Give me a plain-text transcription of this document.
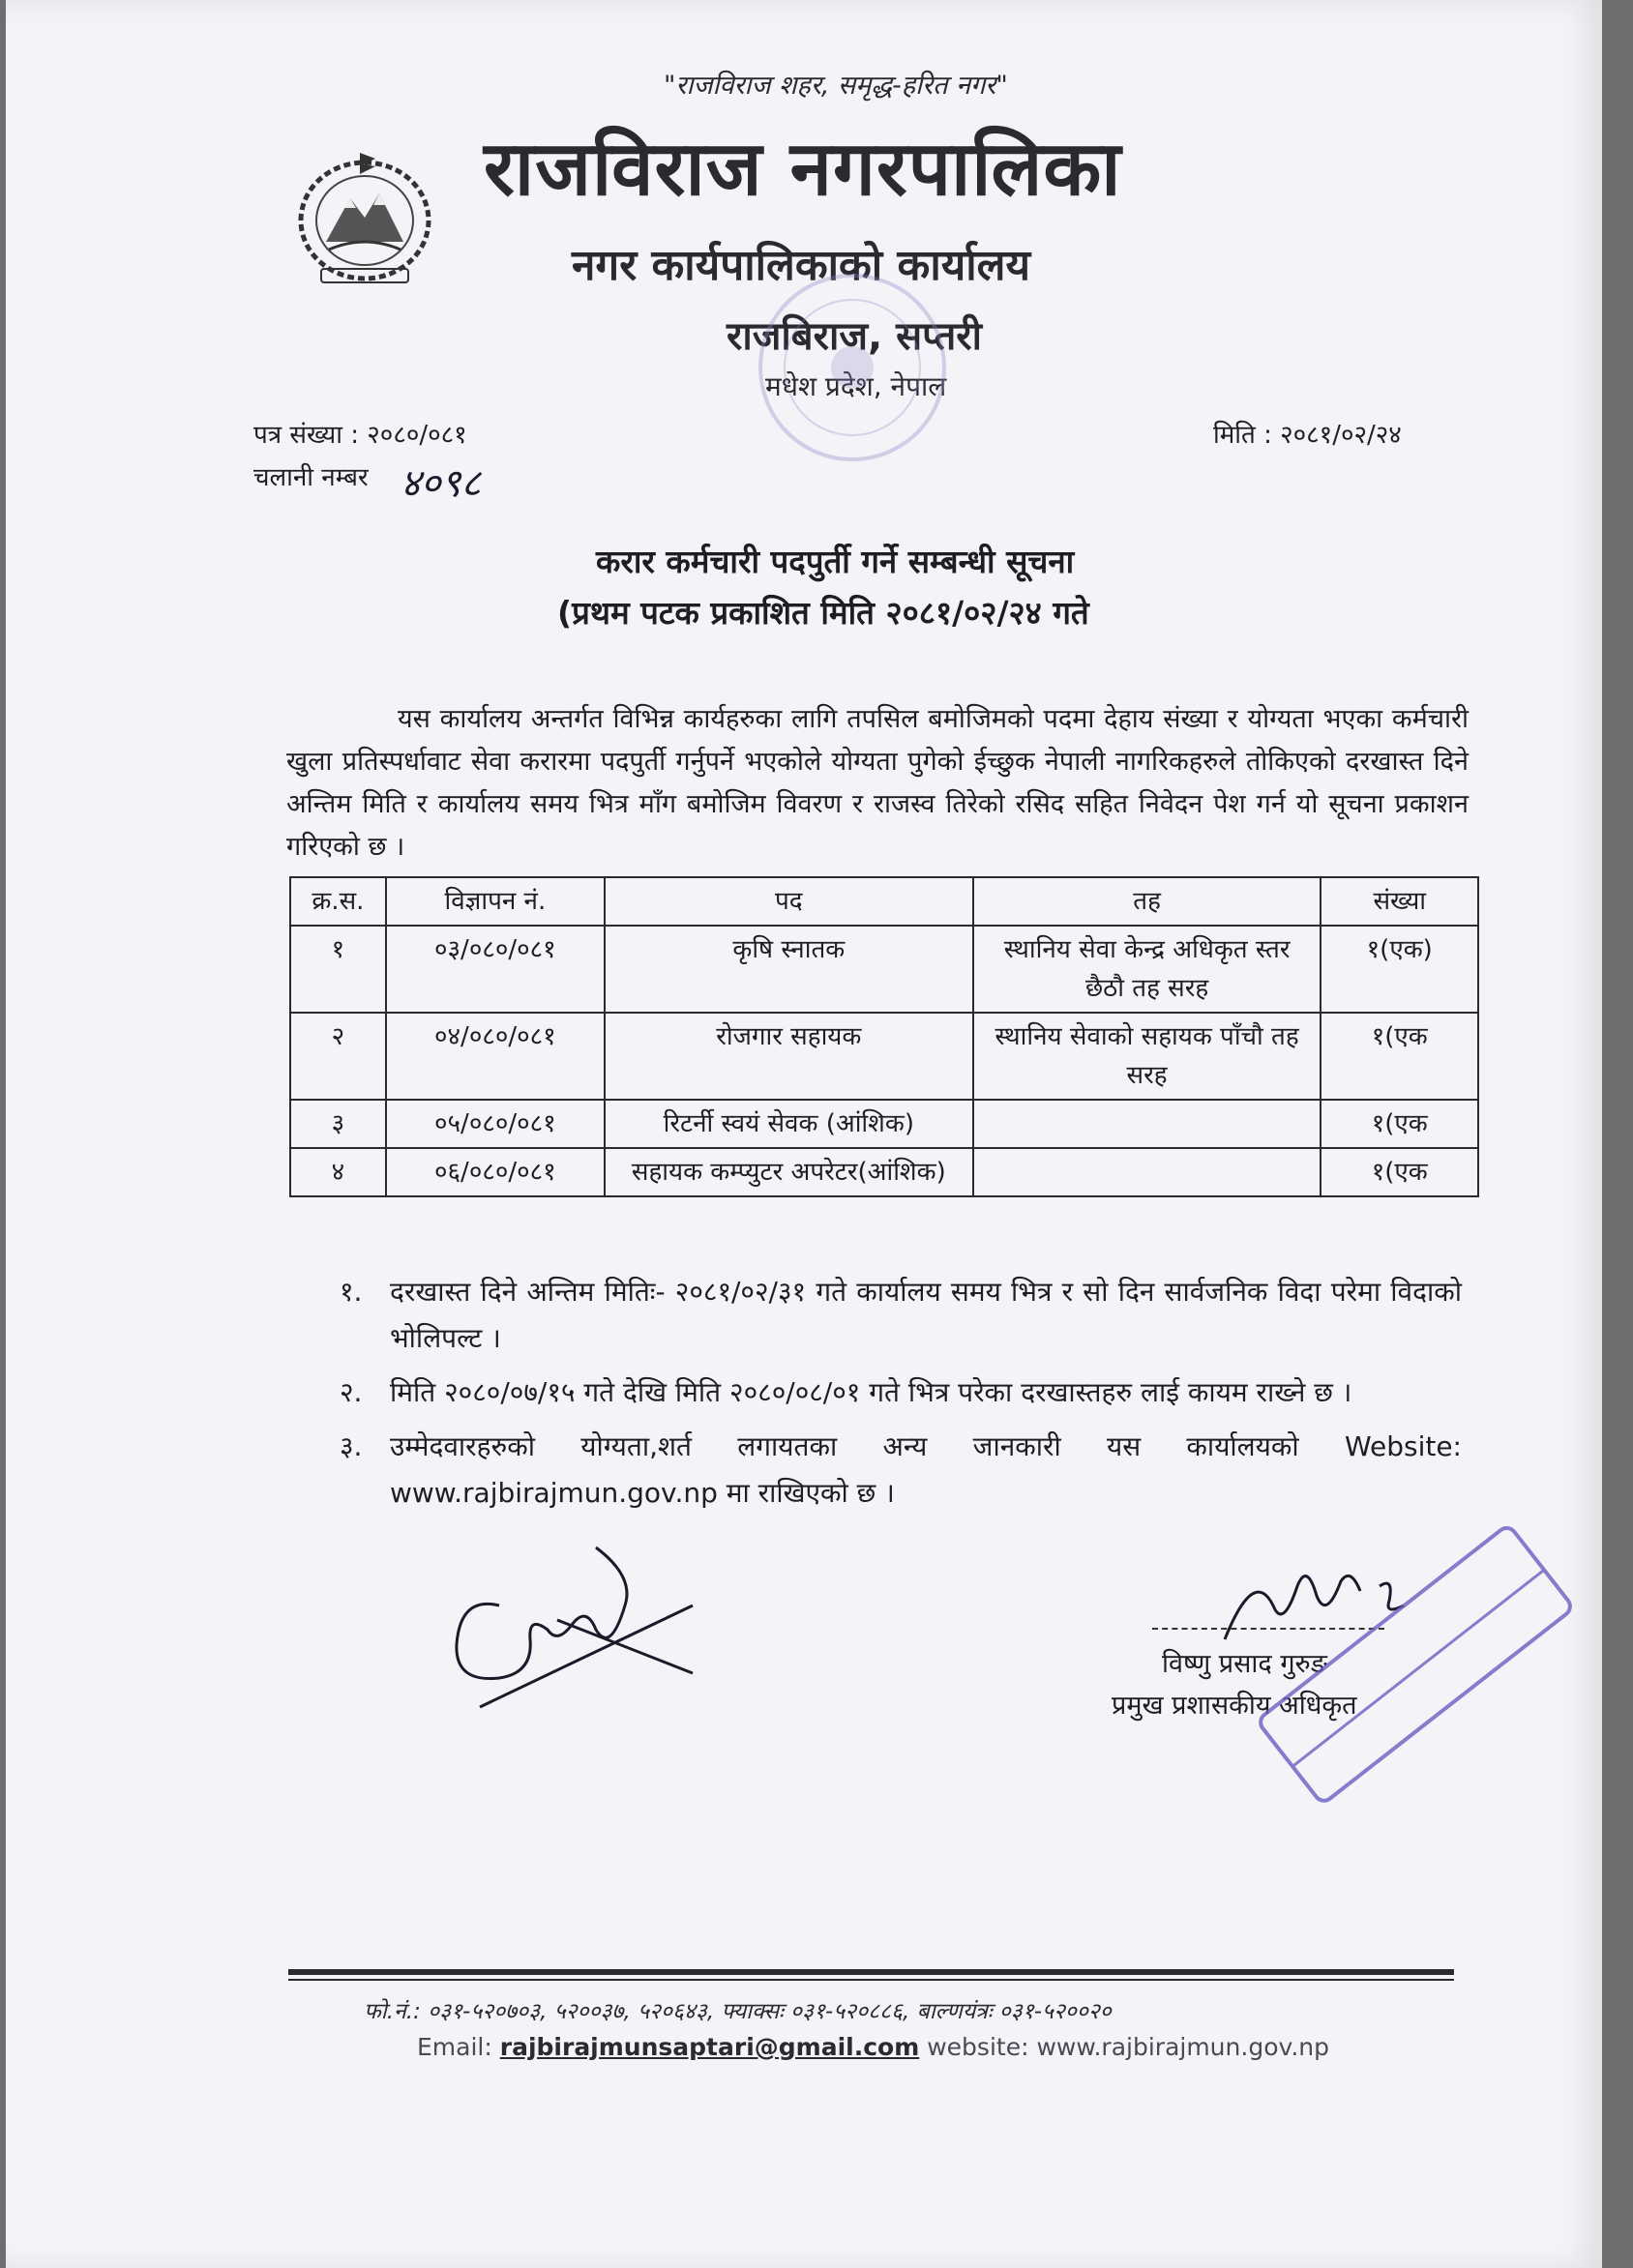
"राजविराज शहर, समृद्ध-हरित नगर"
राजविराज नगरपालिका
नगर कार्यपालिकाको कार्यालय
राजबिराज, सप्तरी
मधेश प्रदेश, नेपाल
पत्र संख्या : २०८०/०८१
चलानी नम्बर ४०९८
मिति : २०८१/०२/२४
करार कर्मचारी पदपुर्ती गर्ने सम्बन्धी सूचना
(प्रथम पटक प्रकाशित मिति २०८१/०२/२४ गते
यस कार्यालय अन्तर्गत विभिन्न कार्यहरुका लागि तपसिल बमोजिमको पदमा देहाय संख्या र योग्यता भएका कर्मचारी खुला प्रतिस्पर्धावाट सेवा करारमा पदपुर्ती गर्नुपर्ने भएकोले योग्यता पुगेको ईच्छुक नेपाली नागरिकहरुले तोकिएको दरखास्त दिने अन्तिम मिति र कार्यालय समय भित्र माँग बमोजिम विवरण र राजस्व तिरेको रसिद सहित निवेदन पेश गर्न यो सूचना प्रकाशन गरिएको छ ।
क्र.स.	विज्ञापन नं.	पद	तह	संख्या
१	०३/०८०/०८१	कृषि स्नातक	स्थानिय सेवा केन्द्र अधिकृत स्तर छैठौ तह सरह	१(एक)
२	०४/०८०/०८१	रोजगार सहायक	स्थानिय सेवाको सहायक पाँचौ तह सरह	१(एक
३	०५/०८०/०८१	रिटर्नी स्वयं सेवक (आंशिक)		१(एक
४	०६/०८०/०८१	सहायक कम्प्युटर अपरेटर(आंशिक)		१(एक
१. दरखास्त दिने अन्तिम मितिः- २०८१/०२/३१ गते कार्यालय समय भित्र र सो दिन सार्वजनिक विदा परेमा विदाको भोलिपल्ट ।
२. मिति २०८०/०७/१५ गते देखि मिति २०८०/०८/०१ गते भित्र परेका दरखास्तहरु लाई कायम राख्ने छ ।
३. उम्मेदवारहरुको योग्यता,शर्त लगायतका अन्य जानकारी यस कार्यालयको Website: www.rajbirajmun.gov.np मा राखिएको छ ।
विष्णु प्रसाद गुरुङ
प्रमुख प्रशासकीय अधिकृत
फो.नं.: ०३१-५२०७०३, ५२००३७, ५२०६४३, फ्याक्सः ०३१-५२०८८६, बाल्णयंत्रः ०३१-५२००२०
Email: rajbirajmunsaptari@gmail.com website: www.rajbirajmun.gov.np
